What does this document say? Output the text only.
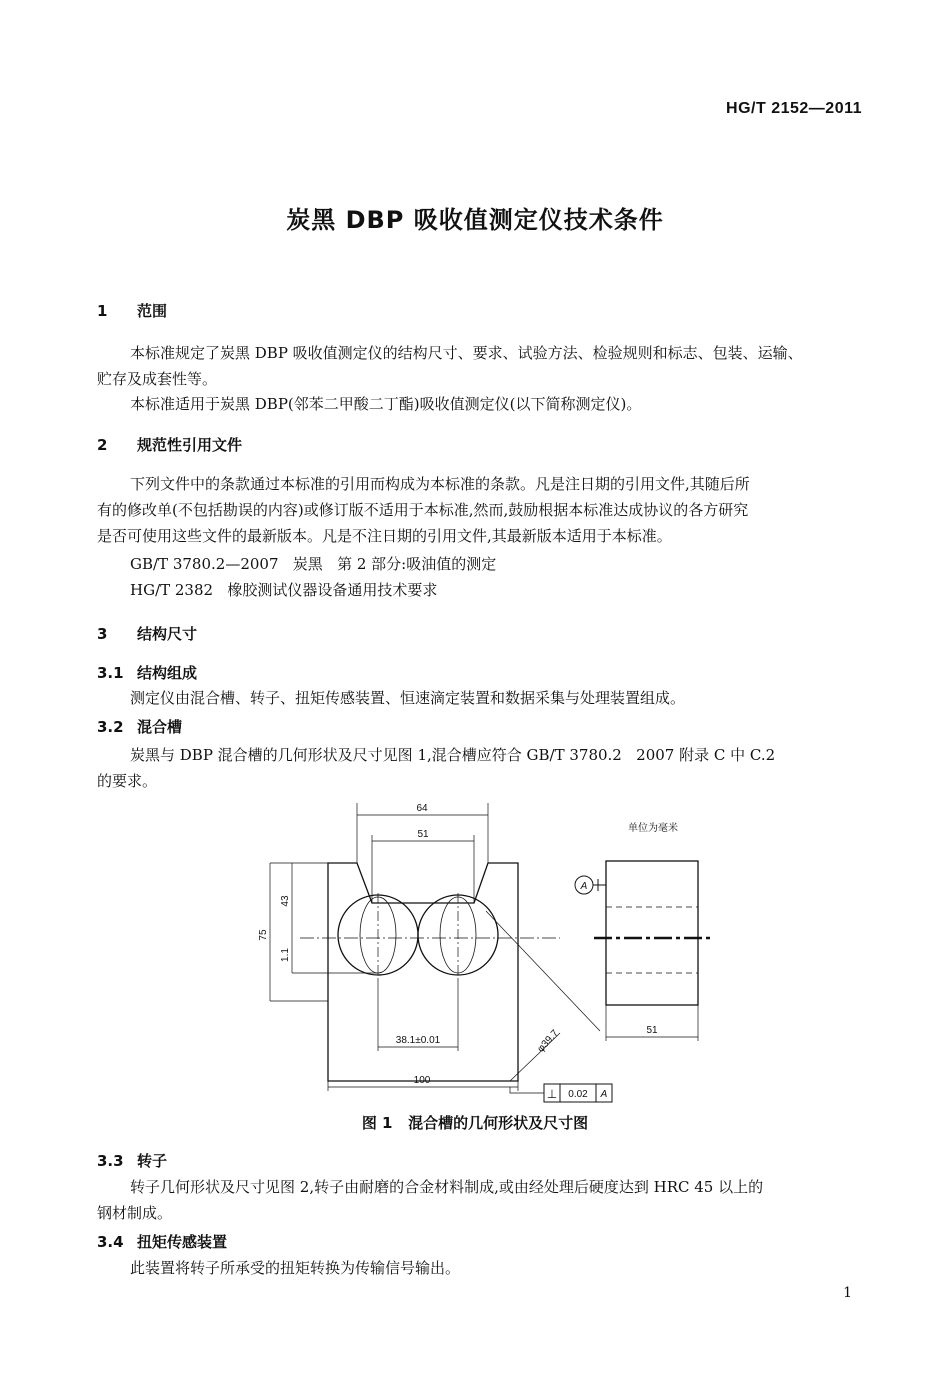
HG/T 2152—2011
炭黑 DBP 吸收值测定仪技术条件
1 范围
本标准规定了炭黑 DBP 吸收值测定仪的结构尺寸、要求、试验方法、检验规则和标志、包装、运输、
贮存及成套性等。
本标准适用于炭黑 DBP(邻苯二甲酸二丁酯)吸收值测定仪(以下简称测定仪)。
2 规范性引用文件
下列文件中的条款通过本标准的引用而构成为本标准的条款。凡是注日期的引用文件,其随后所
有的修改单(不包括勘误的内容)或修订版不适用于本标准,然而,鼓励根据本标准达成协议的各方研究
是否可使用这些文件的最新版本。凡是不注日期的引用文件,其最新版本适用于本标准。
GB/T 3780.2—2007   炭黑   第 2 部分:吸油值的测定
HG/T 2382   橡胶测试仪器设备通用技术要求
3 结构尺寸
3.1 结构组成
测定仪由混合槽、转子、扭矩传感装置、恒速滴定装置和数据采集与处理装置组成。
3.2 混合槽
炭黑与 DBP 混合槽的几何形状及尺寸见图 1,混合槽应符合 GB/T 3780.2   2007 附录 C 中 C.2
的要求。
64
51
75
43
1.1
38.1±0.01
100
φ39.7	51
单位为毫米
A
⊥ 0.02 A
图 1   混合槽的几何形状及尺寸图
3.3 转子
转子几何形状及尺寸见图 2,转子由耐磨的合金材料制成,或由经处理后硬度达到 HRC 45 以上的
钢材制成。
3.4 扭矩传感装置
此装置将转子所承受的扭矩转换为传输信号输出。
1
